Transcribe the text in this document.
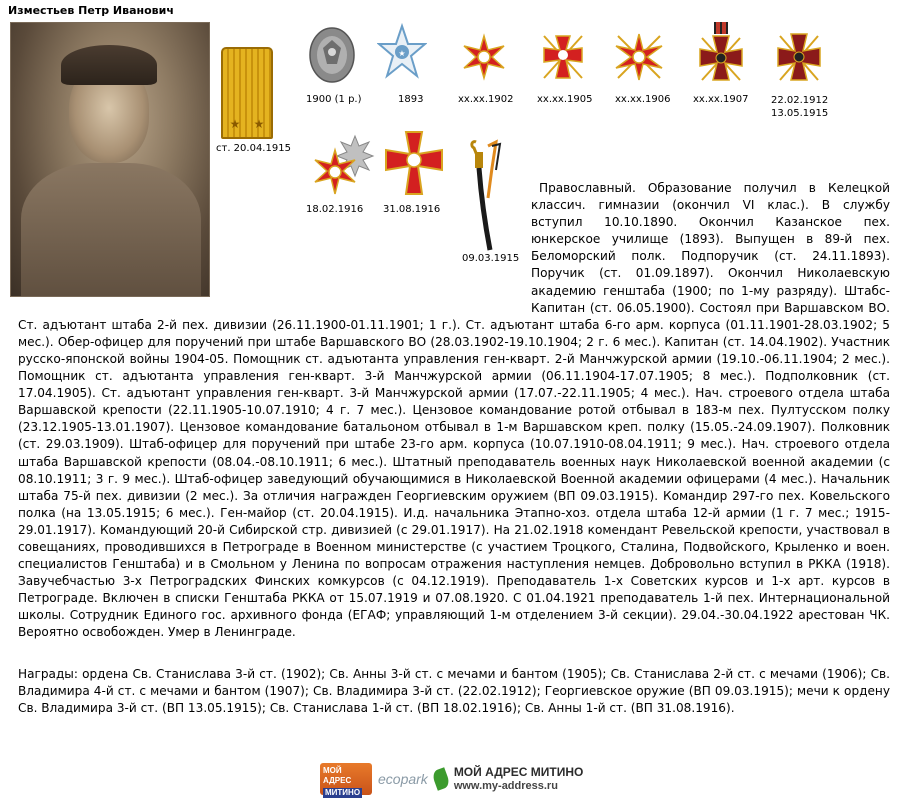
Изместьев Петр Иванович
★ ★
ст. 20.04.1915
★
1900 (1 р.)	1893	хх.хх.1902 хх.хх.1905 хх.хх.1906 хх.хх.1907 22.02.1912
13.05.1915
18.02.1916 31.08.1916
09.03.1915
Православный. Образование получил в Келецкой классич. гимназии (окончил VI клас.). В службу вступил 10.10.1890. Окончил Казанское пех. юнкерское училище (1893). Выпущен в 89-й пех. Беломорский полк. Подпоручик (ст. 24.11.1893). Поручик (ст. 01.09.1897). Окончил Николаевскую академию генштаба (1900; по 1-му разряду). Штабс-Капитан (ст. 06.05.1900). Состоял при Варшавском ВО. Ст. адъютант штаба 2-й пех. дивизии (26.11.1900-01.11.1901; 1 г.). Ст. адъютант штаба 6-го арм. корпуса (01.11.1901-28.03.1902; 5 мес.). Обер-офицер для поручений при штабе Варшавского ВО (28.03.1902-19.10.1904; 2 г. 6 мес.). Капитан (ст. 14.04.1902). Участник русско-японской войны 1904-05. Помощник ст. адъютанта управления ген-кварт. 2-й Манчжурской армии (19.10.-06.11.1904; 2 мес.). Помощник ст. адъютанта управления ген-кварт. 3-й Манчжурской армии (06.11.1904-17.07.1905; 8 мес.). Подполковник (ст. 17.04.1905). Ст. адъютант управления ген-кварт. 3-й Манчжурской армии (17.07.-22.11.1905; 4 мес.). Нач. строевого отдела штаба Варшавской крепости (22.11.1905-10.07.1910; 4 г. 7 мес.). Цензовое командование ротой отбывал в 183-м пех. Пултусском полку (23.12.1905-13.01.1907). Цензовое командование батальоном отбывал в 1-м Варшавском креп. полку (15.05.-24.09.1907). Полковник (ст. 29.03.1909). Штаб-офицер для поручений при штабе 23-го арм. корпуса (10.07.1910-08.04.1911; 9 мес.). Нач. строевого отдела штаба Варшавской крепости (08.04.-08.10.1911; 6 мес.). Штатный преподаватель военных наук Николаевской военной академии (с 08.10.1911; 3 г. 9 мес.). Штаб-офицер заведующий обучающимися в Николаевской Военной академии офицерами (4 мес.). Начальник штаба 75-й пех. дивизии (2 мес.). За отличия награжден Георгиевским оружием (ВП 09.03.1915). Командир 297-го пех. Ковельского полка (на 13.05.1915; 6 мес.). Ген-майор (ст. 20.04.1915). И.д. начальника Этапно-хоз. отдела штаба 12-й армии (1 г. 7 мес.; 1915-29.01.1917). Командующий 20-й Сибирской стр. дивизией (с 29.01.1917). На 21.02.1918 комендант Ревельской крепости, участвовал в совещаниях, проводившихся в Петрограде в Военном министерстве (с участием Троцкого, Сталина, Подвойского, Крыленко и воен. специалистов Генштаба) и в Смольном у Ленина по вопросам отражения наступления немцев. Добровольно вступил в РККА (1918). Завучебчастью 3-х Петроградских Финских комкурсов (с 04.12.1919). Преподаватель 1-х Советских курсов и 1-х арт. курсов в Петрограде. Включен в списки Генштаба РККА от 15.07.1919 и 07.08.1920. С 01.04.1921 преподаватель 1-й пех. Интернациональной школы. Сотрудник Единого гос. архивного фонда (ЕГАФ; управляющий 1-м отделением 3-й секции). 29.04.-30.04.1922 арестован ЧК. Вероятно освобожден. Умер в Ленинграде.
Награды: ордена Св. Станислава 3-й ст. (1902); Св. Анны 3-й ст. с мечами и бантом (1905); Св. Станислава 2-й ст. с мечами (1906); Св. Владимира 4-й ст. с мечами и бантом (1907); Св. Владимира 3-й ст. (22.02.1912); Георгиевское оружие (ВП 09.03.1915); мечи к ордену Св. Владимира 3-й ст. (ВП 13.05.1915); Св. Станислава 1-й ст. (ВП 18.02.1916); Св. Анны 1-й ст. (ВП 31.08.1916).
МОЙ АДРЕС
МИТИНО
ecopark МОЙ АДРЕС МИТИНО
www.my-address.ru
